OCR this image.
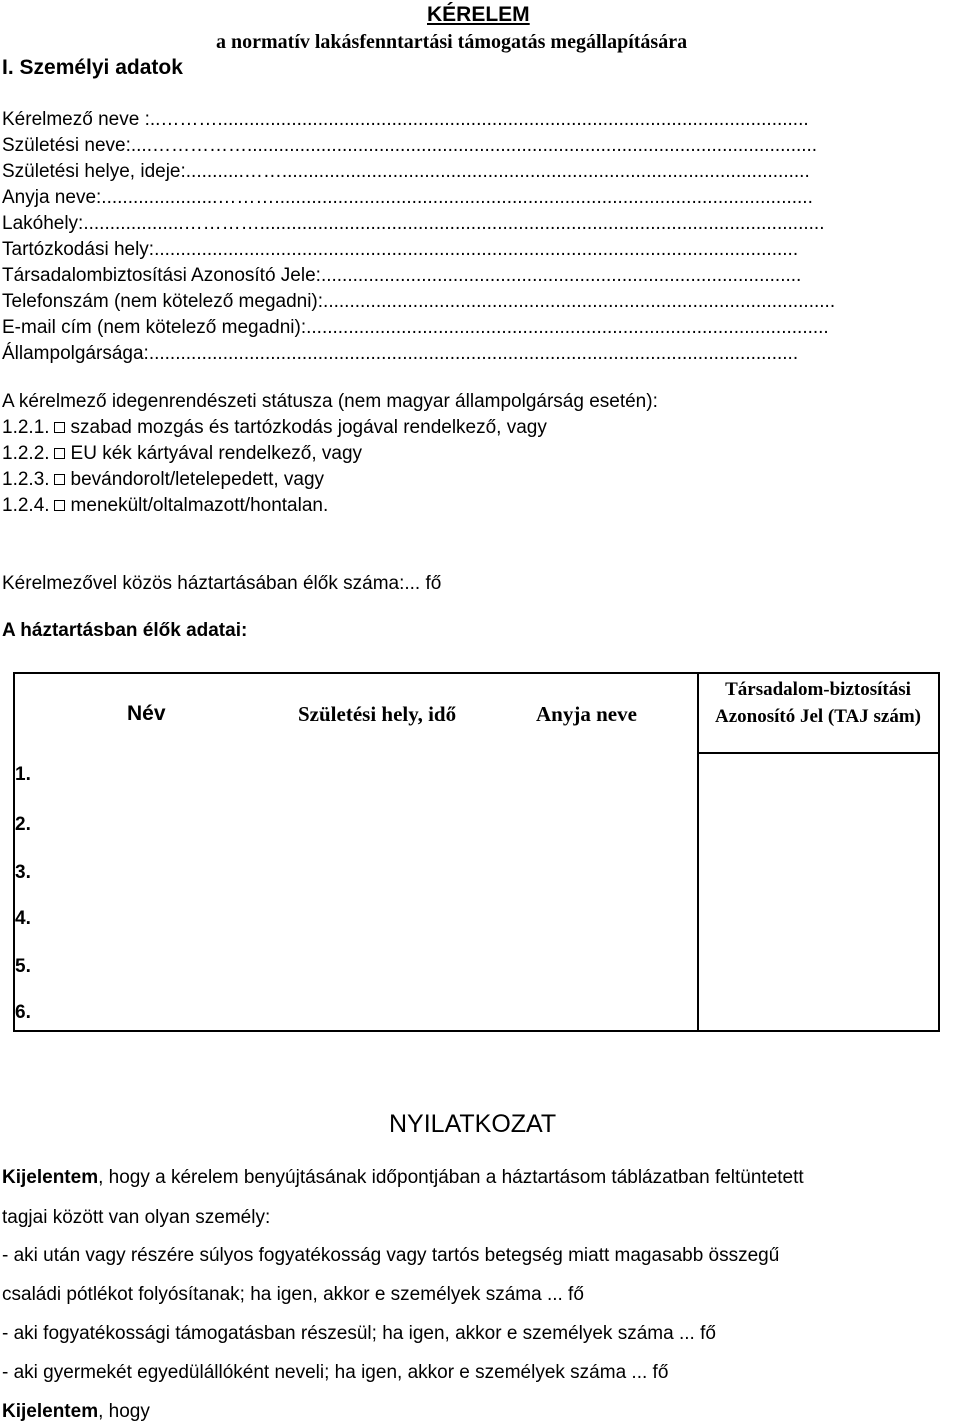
KÉRELEM
a normatív lakásfenntartási támogatás megállapítására
I. Személyi adatok
Kérelmező neve : ..………................................................................................................................
Születési neve: ....……………............................................................................................................
Születési helye, ideje: ...........……....................................................................................................
Anyja neve: ......................………......................................................................................................
Lakóhely: ...................…………...........................................................................................................
Tartózkodási hely: ..........................................................................................................................
Társadalombiztosítási Azonosító Jele: ...........................................................................................
Telefonszám (nem kötelező megadni): .................................................................................................
E-mail cím (nem kötelező megadni): ...................................................................................................
Állampolgársága: ...........................................................................................................................
A kérelmező idegenrendészeti státusza (nem magyar állampolgárság esetén):
1.2.1. szabad mozgás és tartózkodás jogával rendelkező, vagy
1.2.2. EU kék kártyával rendelkező, vagy
1.2.3. bevándorolt/letelepedett, vagy
1.2.4. menekült/oltalmazott/hontalan.
Kérelmezővel közös háztartásában élők száma:... fő
A háztartásban élők adatai:
Név	Születési hely, idő	Anyja neve
Társadalom-biztosítási Azonosító Jel (TAJ szám)
1.
2.
3.
4.
5.
6.
NYILATKOZAT
Kijelentem, hogy a kérelem benyújtásának időpontjában a háztartásom táblázatban feltüntetett
tagjai között van olyan személy:
- aki után vagy részére súlyos fogyatékosság vagy tartós betegség miatt magasabb összegű
családi pótlékot folyósítanak; ha igen, akkor e személyek száma ... fő
- aki fogyatékossági támogatásban részesül; ha igen, akkor e személyek száma ... fő
- aki gyermekét egyedülállóként neveli; ha igen, akkor e személyek száma ... fő
Kijelentem, hogy
